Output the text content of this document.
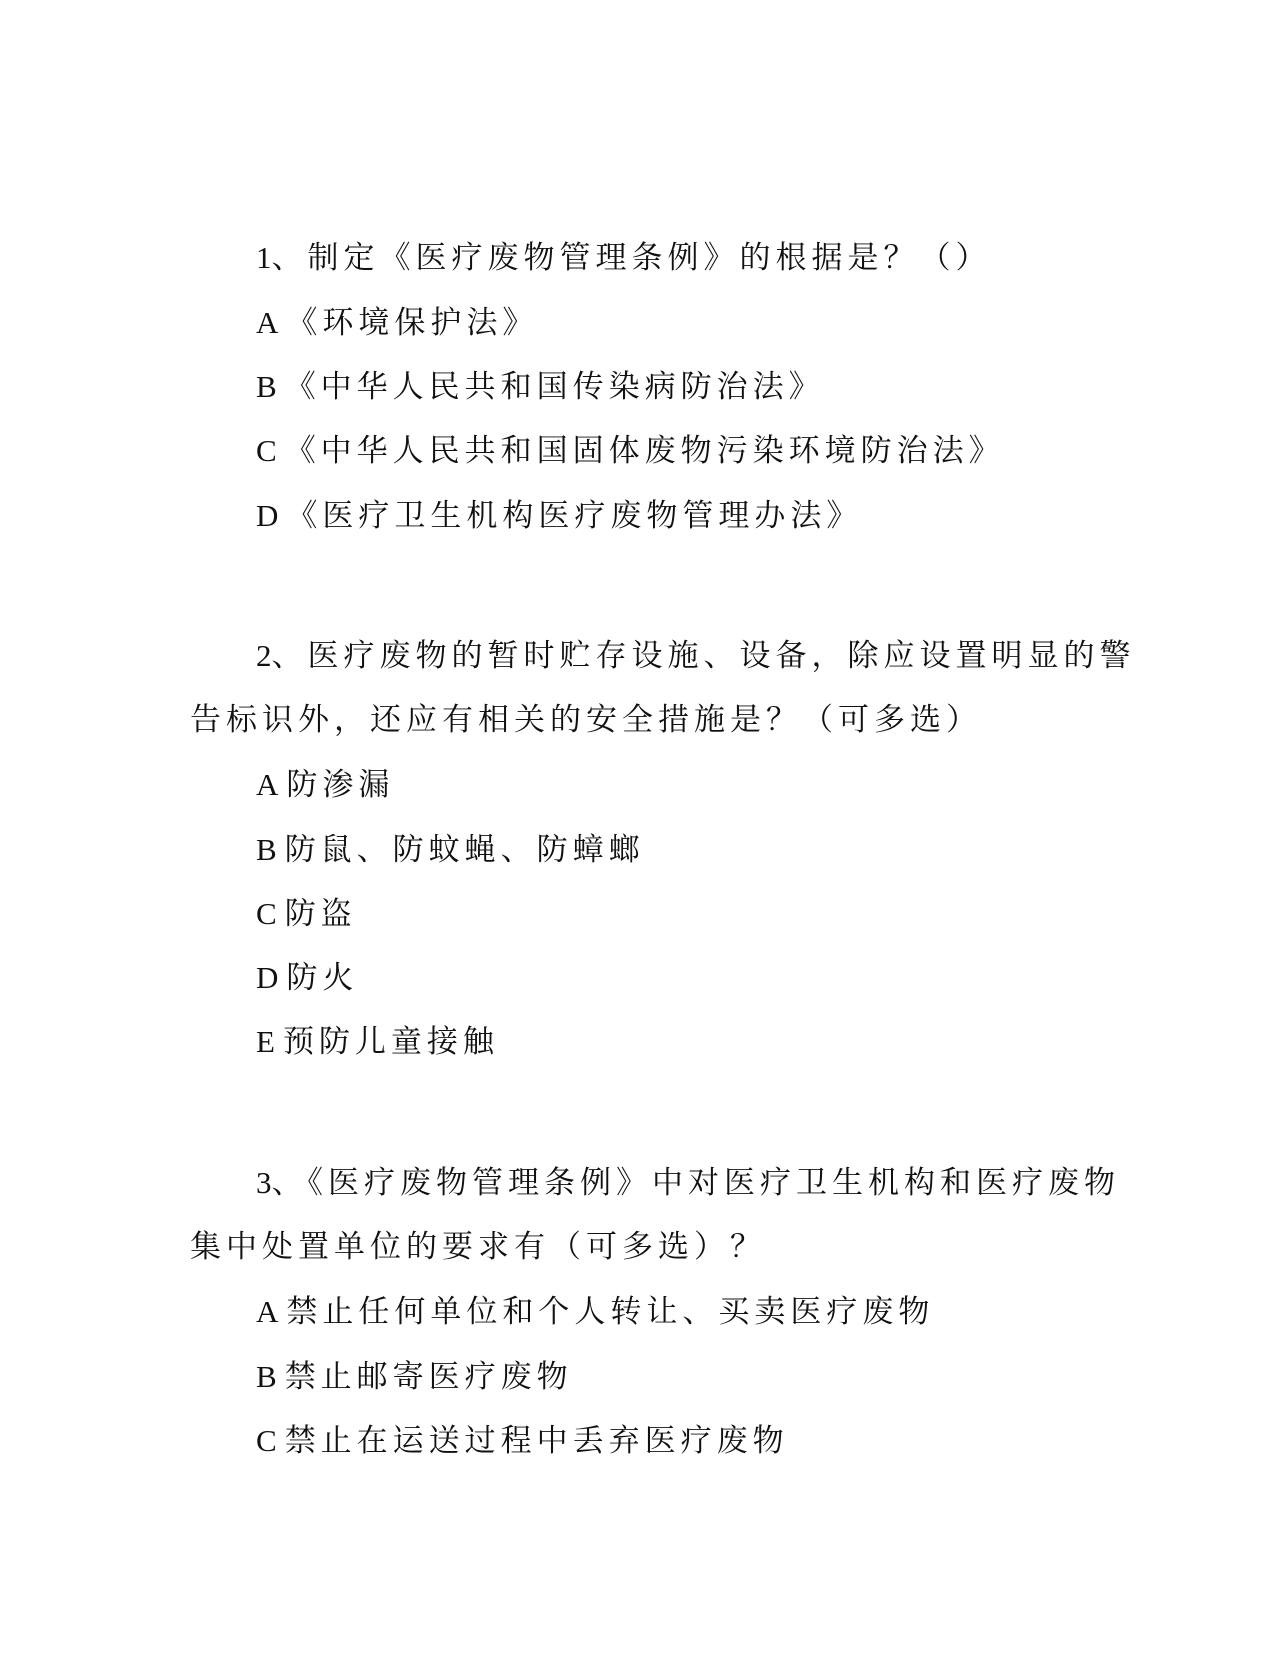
1、制定《医疗废物管理条例》的根据是？（）
A 《环境保护法》
B 《中华人民共和国传染病防治法》
C 《中华人民共和国固体废物污染环境防治法》
D 《医疗卫生机构医疗废物管理办法》
2、医疗废物的暂时贮存设施、设备，除应设置明显的警
告标识外，还应有相关的安全措施是？（可多选）
A 防渗漏
B 防鼠、防蚊蝇、防蟑螂
C 防盗
D 防火
E 预防儿童接触
3、《医疗废物管理条例》中对医疗卫生机构和医疗废物
集中处置单位的要求有（可多选）？
A 禁止任何单位和个人转让、买卖医疗废物
B 禁止邮寄医疗废物
C 禁止在运送过程中丢弃医疗废物
